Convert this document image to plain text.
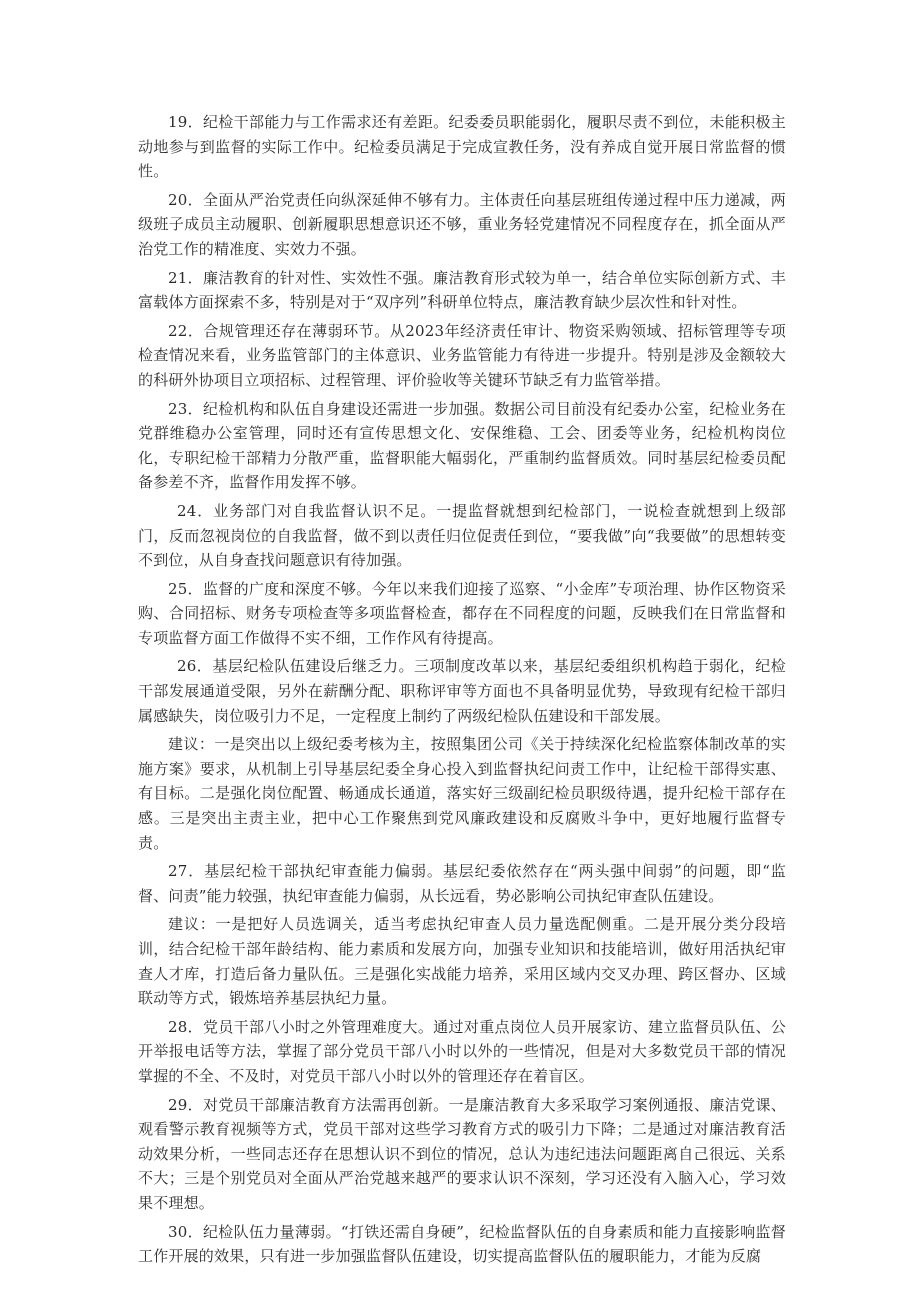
19．纪检干部能力与工作需求还有差距。纪委委员职能弱化，履职尽责不到位，未能积极主动地参与到监督的实际工作中。纪检委员满足于完成宣教任务，没有养成自觉开展日常监督的惯性。

20．全面从严治党责任向纵深延伸不够有力。主体责任向基层班组传递过程中压力递减，两级班子成员主动履职、创新履职思想意识还不够，重业务轻党建情况不同程度存在，抓全面从严治党工作的精准度、实效力不强。

21．廉洁教育的针对性、实效性不强。廉洁教育形式较为单一，结合单位实际创新方式、丰富载体方面探索不多，特别是对于“双序列”科研单位特点，廉洁教育缺少层次性和针对性。

22．合规管理还存在薄弱环节。从2023年经济责任审计、物资采购领域、招标管理等专项检查情况来看，业务监管部门的主体意识、业务监管能力有待进一步提升。特别是涉及金额较大的科研外协项目立项招标、过程管理、评价验收等关键环节缺乏有力监管举措。

23．纪检机构和队伍自身建设还需进一步加强。数据公司目前没有纪委办公室，纪检业务在党群维稳办公室管理，同时还有宣传思想文化、安保维稳、工会、团委等业务，纪检机构岗位化，专职纪检干部精力分散严重，监督职能大幅弱化，严重制约监督质效。同时基层纪检委员配备参差不齐，监督作用发挥不够。

24．业务部门对自我监督认识不足。一提监督就想到纪检部门，一说检查就想到上级部门，反而忽视岗位的自我监督，做不到以责任归位促责任到位，“要我做”向“我要做”的思想转变不到位，从自身查找问题意识有待加强。

25．监督的广度和深度不够。今年以来我们迎接了巡察、“小金库”专项治理、协作区物资采购、合同招标、财务专项检查等多项监督检查，都存在不同程度的问题，反映我们在日常监督和专项监督方面工作做得不实不细，工作作风有待提高。

26．基层纪检队伍建设后继乏力。三项制度改革以来，基层纪委组织机构趋于弱化，纪检干部发展通道受限，另外在薪酬分配、职称评审等方面也不具备明显优势，导致现有纪检干部归属感缺失，岗位吸引力不足，一定程度上制约了两级纪检队伍建设和干部发展。

建议：一是突出以上级纪委考核为主，按照集团公司《关于持续深化纪检监察体制改革的实施方案》要求，从机制上引导基层纪委全身心投入到监督执纪问责工作中，让纪检干部得实惠、有目标。二是强化岗位配置、畅通成长通道，落实好三级副纪检员职级待遇，提升纪检干部存在感。三是突出主责主业，把中心工作聚焦到党风廉政建设和反腐败斗争中，更好地履行监督专责。

27．基层纪检干部执纪审查能力偏弱。基层纪委依然存在“两头强中间弱”的问题，即“监督、问责”能力较强，执纪审查能力偏弱，从长远看，势必影响公司执纪审查队伍建设。

建议：一是把好人员选调关，适当考虑执纪审查人员力量选配侧重。二是开展分类分段培训，结合纪检干部年龄结构、能力素质和发展方向，加强专业知识和技能培训，做好用活执纪审查人才库，打造后备力量队伍。三是强化实战能力培养，采用区域内交叉办理、跨区督办、区域联动等方式，锻炼培养基层执纪力量。

28．党员干部八小时之外管理难度大。通过对重点岗位人员开展家访、建立监督员队伍、公开举报电话等方法，掌握了部分党员干部八小时以外的一些情况，但是对大多数党员干部的情况掌握的不全、不及时，对党员干部八小时以外的管理还存在着盲区。

29．对党员干部廉洁教育方法需再创新。一是廉洁教育大多采取学习案例通报、廉洁党课、观看警示教育视频等方式，党员干部对这些学习教育方式的吸引力下降；二是通过对廉洁教育活动效果分析，一些同志还存在思想认识不到位的情况，总认为违纪违法问题距离自己很远、关系不大；三是个别党员对全面从严治党越来越严的要求认识不深刻，学习还没有入脑入心，学习效果不理想。

30．纪检队伍力量薄弱。“打铁还需自身硬”，纪检监督队伍的自身素质和能力直接影响监督工作开展的效果，只有进一步加强监督队伍建设，切实提高监督队伍的履职能力，才能为反腐
